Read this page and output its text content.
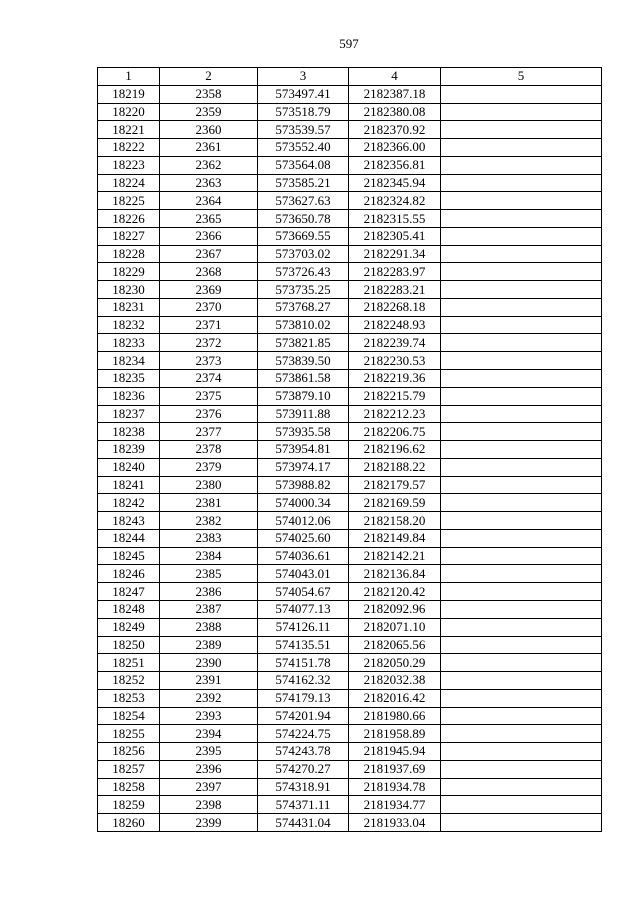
597
1	2	3	4	5
18219	2358	573497.41	2182387.18	
18220	2359	573518.79	2182380.08	
18221	2360	573539.57	2182370.92	
18222	2361	573552.40	2182366.00	
18223	2362	573564.08	2182356.81	
18224	2363	573585.21	2182345.94	
18225	2364	573627.63	2182324.82	
18226	2365	573650.78	2182315.55	
18227	2366	573669.55	2182305.41	
18228	2367	573703.02	2182291.34	
18229	2368	573726.43	2182283.97	
18230	2369	573735.25	2182283.21	
18231	2370	573768.27	2182268.18	
18232	2371	573810.02	2182248.93	
18233	2372	573821.85	2182239.74	
18234	2373	573839.50	2182230.53	
18235	2374	573861.58	2182219.36	
18236	2375	573879.10	2182215.79	
18237	2376	573911.88	2182212.23	
18238	2377	573935.58	2182206.75	
18239	2378	573954.81	2182196.62	
18240	2379	573974.17	2182188.22	
18241	2380	573988.82	2182179.57	
18242	2381	574000.34	2182169.59	
18243	2382	574012.06	2182158.20	
18244	2383	574025.60	2182149.84	
18245	2384	574036.61	2182142.21	
18246	2385	574043.01	2182136.84	
18247	2386	574054.67	2182120.42	
18248	2387	574077.13	2182092.96	
18249	2388	574126.11	2182071.10	
18250	2389	574135.51	2182065.56	
18251	2390	574151.78	2182050.29	
18252	2391	574162.32	2182032.38	
18253	2392	574179.13	2182016.42	
18254	2393	574201.94	2181980.66	
18255	2394	574224.75	2181958.89	
18256	2395	574243.78	2181945.94	
18257	2396	574270.27	2181937.69	
18258	2397	574318.91	2181934.78	
18259	2398	574371.11	2181934.77	
18260	2399	574431.04	2181933.04	
